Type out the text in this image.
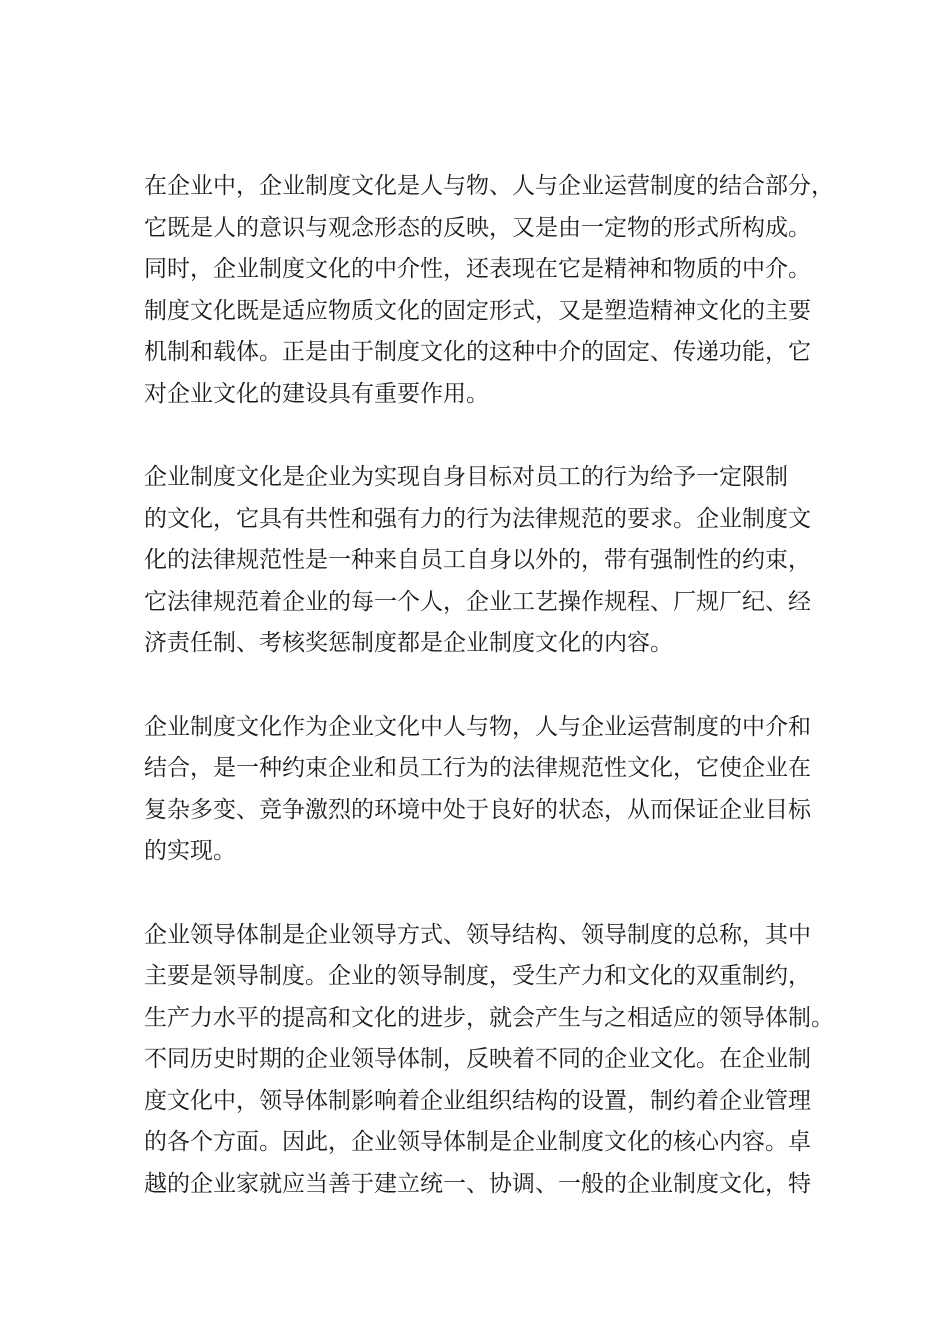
在企业中，企业制度文化是人与物、人与企业运营制度的结合部分，
它既是人的意识与观念形态的反映，又是由一定物的形式所构成。
同时，企业制度文化的中介性，还表现在它是精神和物质的中介。
制度文化既是适应物质文化的固定形式，又是塑造精神文化的主要
机制和载体。正是由于制度文化的这种中介的固定、传递功能，它
对企业文化的建设具有重要作用。

企业制度文化是企业为实现自身目标对员工的行为给予一定限制
的文化，它具有共性和强有力的行为法律规范的要求。企业制度文
化的法律规范性是一种来自员工自身以外的，带有强制性的约束，
它法律规范着企业的每一个人，企业工艺操作规程、厂规厂纪、经
济责任制、考核奖惩制度都是企业制度文化的内容。

企业制度文化作为企业文化中人与物，人与企业运营制度的中介和
结合，是一种约束企业和员工行为的法律规范性文化，它使企业在
复杂多变、竞争激烈的环境中处于良好的状态，从而保证企业目标
的实现。

企业领导体制是企业领导方式、领导结构、领导制度的总称，其中
主要是领导制度。企业的领导制度，受生产力和文化的双重制约，
生产力水平的提高和文化的进步，就会产生与之相适应的领导体制。
不同历史时期的企业领导体制，反映着不同的企业文化。在企业制
度文化中，领导体制影响着企业组织结构的设置，制约着企业管理
的各个方面。因此，企业领导体制是企业制度文化的核心内容。卓
越的企业家就应当善于建立统一、协调、一般的企业制度文化，特
